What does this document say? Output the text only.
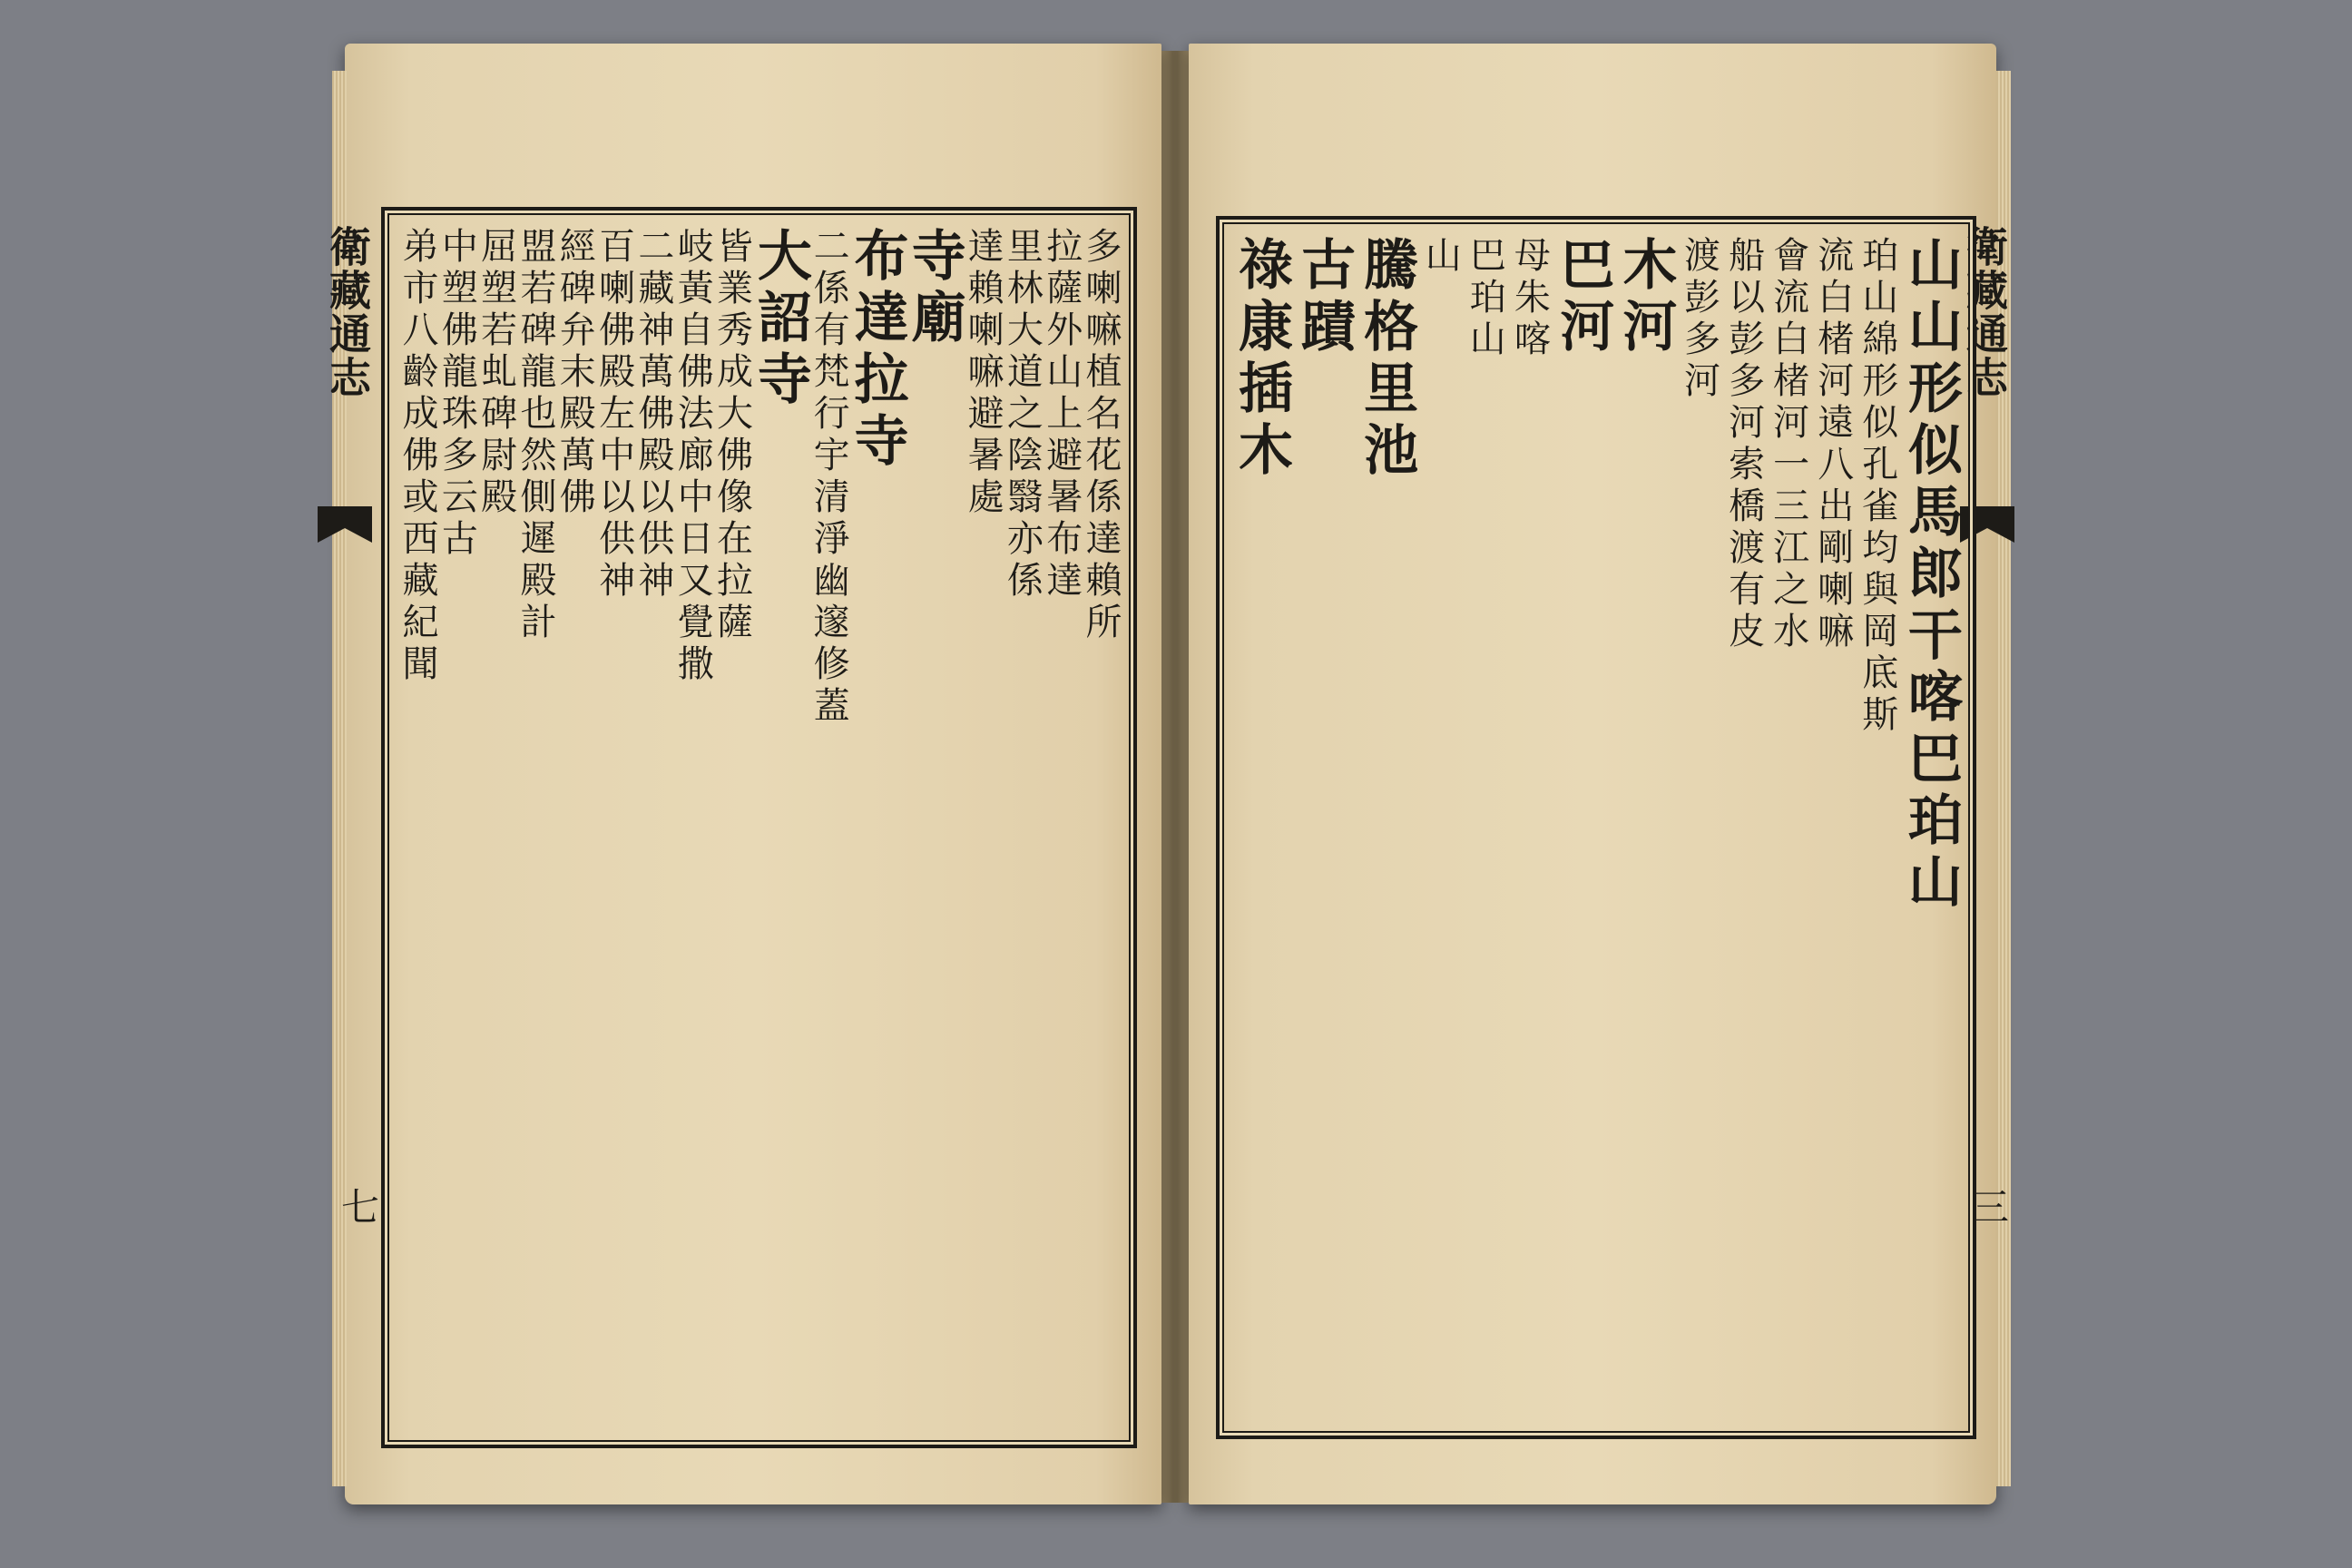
衛藏通志
七
多喇嘛植名花係達賴所
拉薩外山上避暑布達
里林大道之陰翳亦係
達賴喇嘛避暑處
寺廟
布達拉寺
二係有梵行宇清淨幽邃修蓋
大詔寺
皆業秀成大佛像在拉薩
岐黃自佛法廊中日又覺撒
二藏神萬佛殿以供神
百喇佛殿左中以供神
經碑弁末殿萬佛
盟若碑龍也然側遲殿計
屈塑若虬碑尉殿
中塑佛龍珠多云古
弟市八齡成佛或西藏紀聞	衛藏通志
三
山山形似馬郎干喀巴珀山
珀山綿形似孔雀均與岡底斯
流白楮河遠八出剛喇嘛
會流白楮河一三江之水
船以彭多河索橋渡有皮
渡彭多河
木河
巴河
母朱喀
巴珀山
山
騰格里池
古蹟
祿康插木
